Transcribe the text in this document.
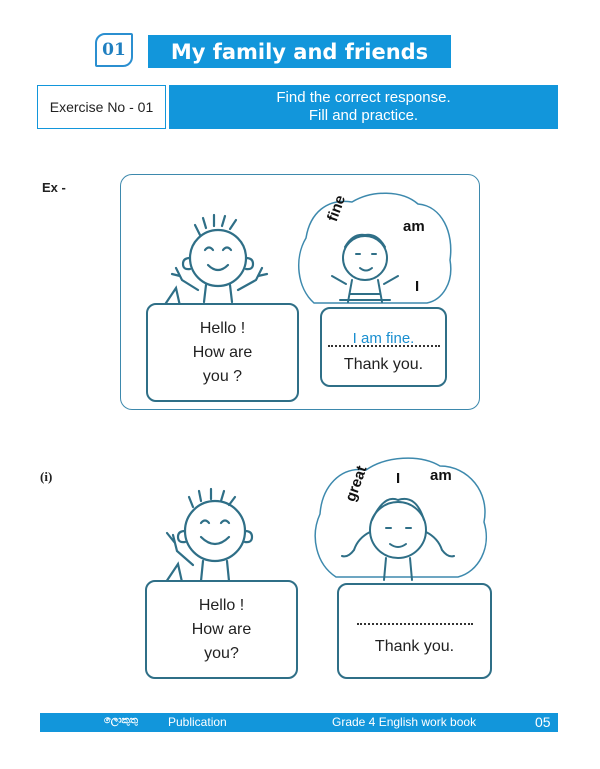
01	My family and friends
Exercise No - 01
Find the correct response.
Fill and practice.
Ex -
fine
am
I
Hello !
How are
you ?
I am fine.
Thank you.
(i)	great I am
Hello !
How are
you?	Thank you.
ලොකුතු	Publication	Grade 4 English work book	05
